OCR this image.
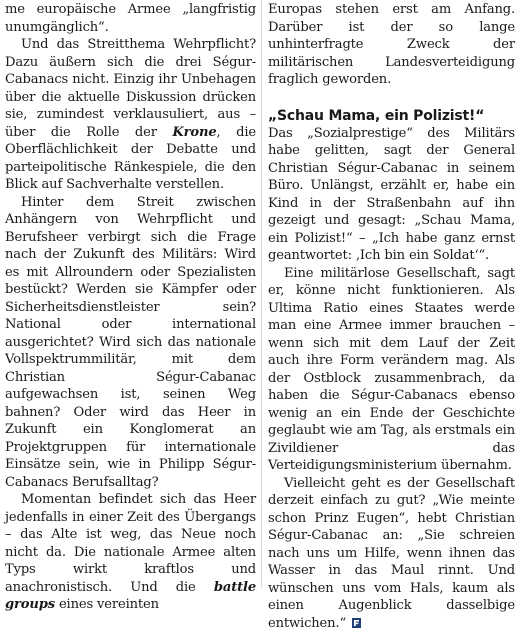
me europäische Armee „langfristig unumgänglich“.

Und das Streitthema Wehrpflicht? Dazu äußern sich die drei Ségur-Cabanacs nicht. Einzig ihr Unbehagen über die aktuelle Diskussion drücken sie, zumindest verklausuliert, aus – über die Rolle der Krone, die Oberflächlichkeit der Debatte und parteipolitische Ränkespiele, die den Blick auf Sachverhalte verstellen.

Hinter dem Streit zwischen Anhängern von Wehrpflicht und Berufsheer verbirgt sich die Frage nach der Zukunft des Militärs: Wird es mit Allroundern oder Spezialisten bestückt? Werden sie Kämpfer oder Sicherheitsdienstleister sein? National oder international ausgerichtet? Wird sich das nationale Vollspektrummilitär, mit dem Christian Ségur-Cabanac aufgewachsen ist, seinen Weg bahnen? Oder wird das Heer in Zukunft ein Konglomerat an Projektgruppen für internationale Einsätze sein, wie in Philipp Ségur-Cabanacs Berufsalltag?

Momentan befindet sich das Heer jedenfalls in einer Zeit des Übergangs – das Alte ist weg, das Neue noch nicht da. Die nationale Armee alten Typs wirkt kraftlos und anachronistisch. Und die battle groups eines vereinten

Europas stehen erst am Anfang. Darüber ist der so lange unhinterfragte Zweck der militärischen Landesverteidigung fraglich geworden.

„Schau Mama, ein Polizist!“

Das „Sozialprestige“ des Militärs habe gelitten, sagt der General Christian Ségur-Cabanac in seinem Büro. Unlängst, erzählt er, habe ein Kind in der Straßenbahn auf ihn gezeigt und gesagt: „Schau Mama, ein Polizist!“ – „Ich habe ganz ernst geantwortet: ‚Ich bin ein Soldat‘“.

Eine militärlose Gesellschaft, sagt er, könne nicht funktionieren. Als Ultima Ratio eines Staates werde man eine Armee immer brauchen – wenn sich mit dem Lauf der Zeit auch ihre Form verändern mag. Als der Ostblock zusammenbrach, da haben die Ségur-Cabanacs ebenso wenig an ein Ende der Geschichte geglaubt wie am Tag, als erstmals ein Zivildiener das Verteidigungsministerium übernahm.

Vielleicht geht es der Gesellschaft derzeit einfach zu gut? „Wie meinte schon Prinz Eugen“, hebt Christian Ségur-Cabanac an: „Sie schreien nach uns um Hilfe, wenn ihnen das Wasser in das Maul rinnt. Und wünschen uns vom Hals, kaum als einen Augenblick dasselbige entwichen.“
